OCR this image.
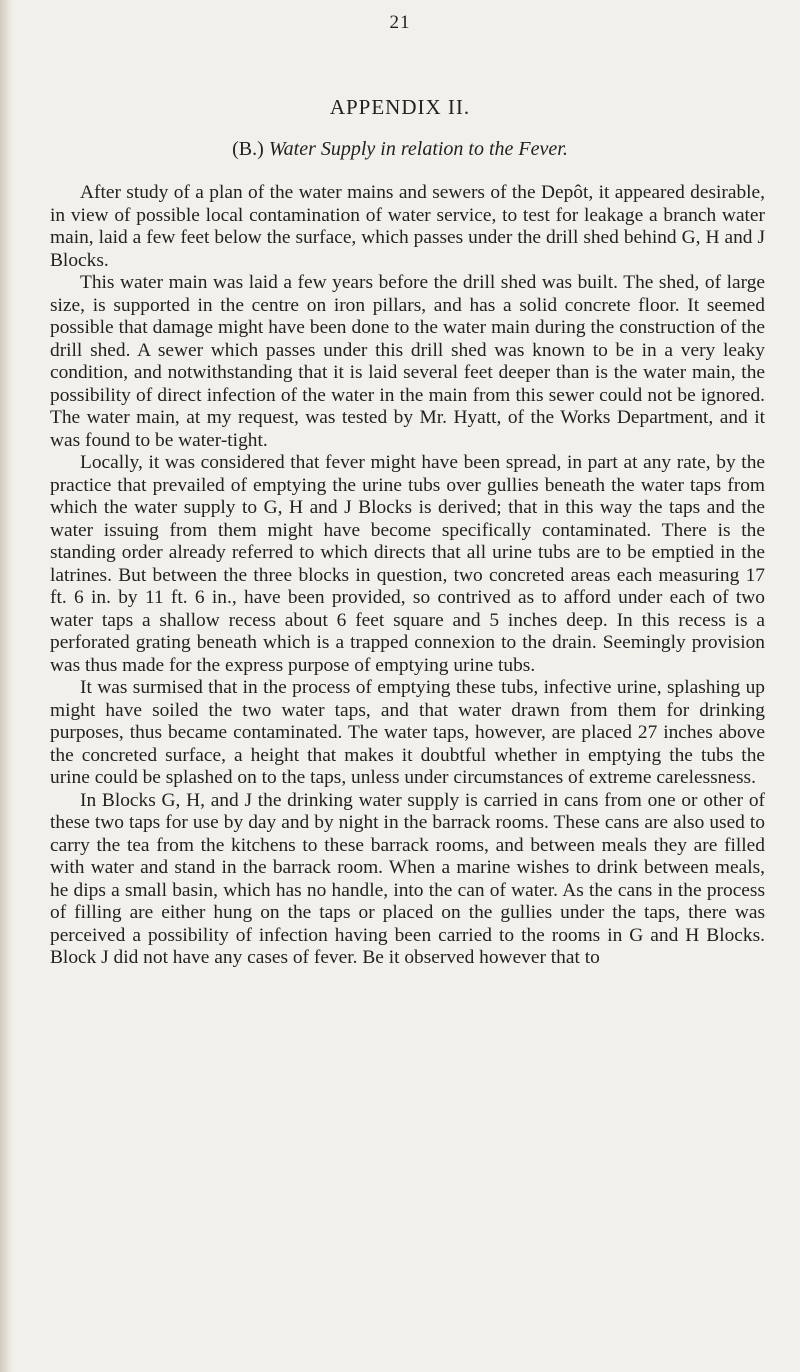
21
APPENDIX II.
(B.) Water Supply in relation to the Fever.

After study of a plan of the water mains and sewers of the Depôt, it appeared desirable, in view of possible local contamination of water service, to test for leakage a branch water main, laid a few feet below the surface, which passes under the drill shed behind G, H and J Blocks.

This water main was laid a few years before the drill shed was built. The shed, of large size, is supported in the centre on iron pillars, and has a solid concrete floor. It seemed possible that damage might have been done to the water main during the construction of the drill shed. A sewer which passes under this drill shed was known to be in a very leaky condition, and notwithstanding that it is laid several feet deeper than is the water main, the possibility of direct infection of the water in the main from this sewer could not be ignored. The water main, at my request, was tested by Mr. Hyatt, of the Works Department, and it was found to be water-tight.

Locally, it was considered that fever might have been spread, in part at any rate, by the practice that prevailed of emptying the urine tubs over gullies beneath the water taps from which the water supply to G, H and J Blocks is derived; that in this way the taps and the water issuing from them might have become specifically contaminated. There is the standing order already referred to which directs that all urine tubs are to be emptied in the latrines. But between the three blocks in question, two concreted areas each measuring 17 ft. 6 in. by 11 ft. 6 in., have been provided, so contrived as to afford under each of two water taps a shallow recess about 6 feet square and 5 inches deep. In this recess is a perforated grating beneath which is a trapped connexion to the drain. Seemingly provision was thus made for the express purpose of emptying urine tubs.

It was surmised that in the process of emptying these tubs, infective urine, splashing up might have soiled the two water taps, and that water drawn from them for drinking purposes, thus became contaminated. The water taps, however, are placed 27 inches above the concreted surface, a height that makes it doubtful whether in emptying the tubs the urine could be splashed on to the taps, unless under circumstances of extreme carelessness.

In Blocks G, H, and J the drinking water supply is carried in cans from one or other of these two taps for use by day and by night in the barrack rooms. These cans are also used to carry the tea from the kitchens to these barrack rooms, and between meals they are filled with water and stand in the barrack room. When a marine wishes to drink between meals, he dips a small basin, which has no handle, into the can of water. As the cans in the process of filling are either hung on the taps or placed on the gullies under the taps, there was perceived a possibility of infection having been carried to the rooms in G and H Blocks. Block J did not have any cases of fever. Be it observed however that to
